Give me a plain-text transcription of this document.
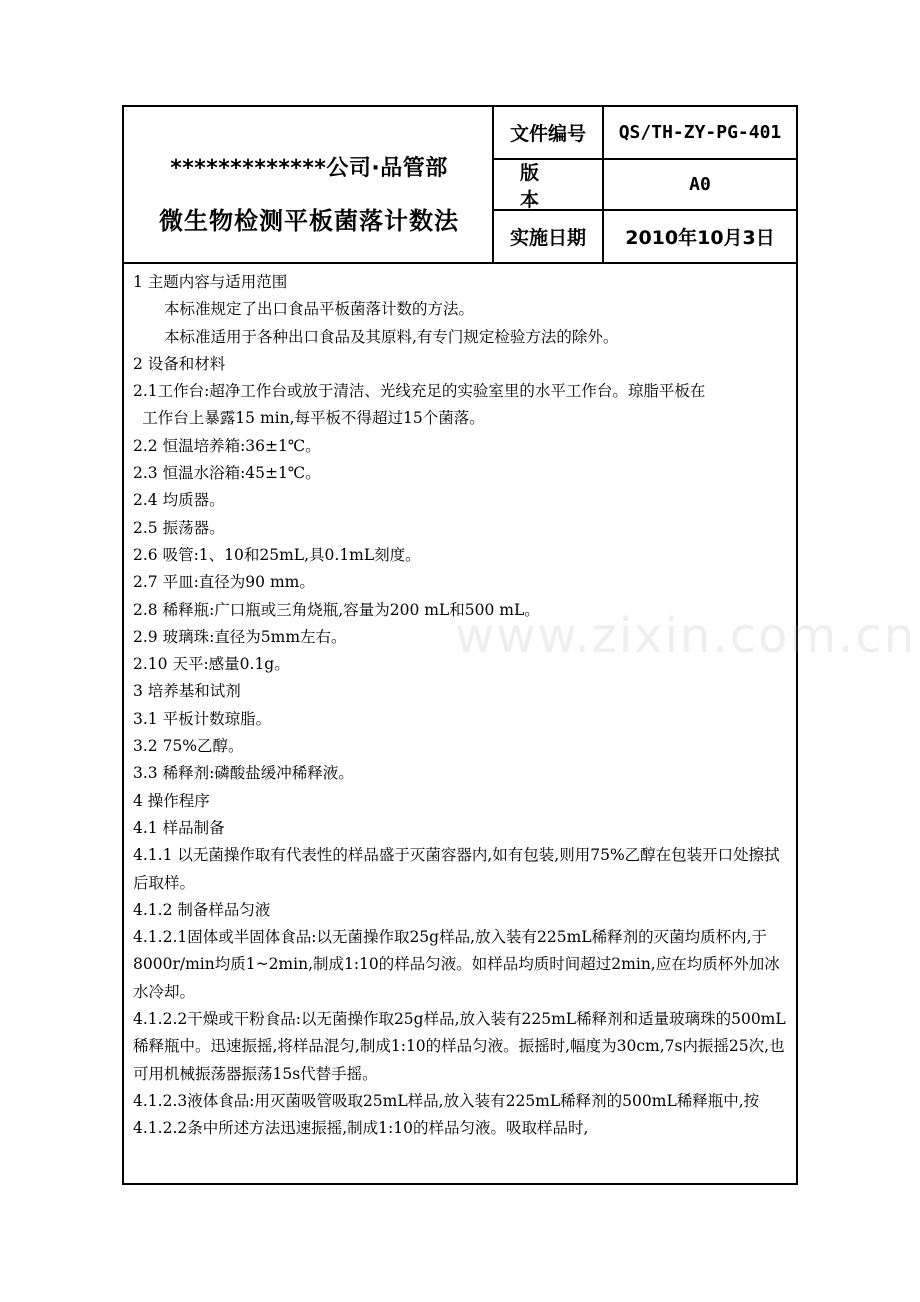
*************公司·品管部
微生物检测平板菌落计数法
文件编号	QS/TH-ZY-PG-401
版本
A0
实施日期	2010年10月3日

1 主题内容与适用范围

本标准规定了出口食品平板菌落计数的方法。

本标准适用于各种出口食品及其原料,有专门规定检验方法的除外。

2 设备和材料

2.1工作台:超净工作台或放于清洁、光线充足的实验室里的水平工作台。琼脂平板在

工作台上暴露15 min,每平板不得超过15个菌落。

2.2 恒温培养箱:36±1℃。

2.3 恒温水浴箱:45±1℃。

2.4 均质器。

2.5 振荡器。

2.6 吸管:1、10和25mL,具0.1mL刻度。

2.7 平皿:直径为90 mm。

2.8 稀释瓶:广口瓶或三角烧瓶,容量为200 mL和500 mL。

2.9 玻璃珠:直径为5mm左右。

2.10 天平:感量0.1g。

3 培养基和试剂

3.1 平板计数琼脂。

3.2 75%乙醇。

3.3 稀释剂:磷酸盐缓冲稀释液。

4 操作程序

4.1 样品制备

4.1.1 以无菌操作取有代表性的样品盛于灭菌容器内,如有包装,则用75%乙醇在包装开口处擦拭后取样。

4.1.2 制备样品匀液

4.1.2.1固体或半固体食品:以无菌操作取25g样品,放入装有225mL稀释剂的灭菌均质杯内,于8000r/min均质1~2min,制成1:10的样品匀液。如样品均质时间超过2min,应在均质杯外加冰水冷却。

4.1.2.2干燥或干粉食品:以无菌操作取25g样品,放入装有225mL稀释剂和适量玻璃珠的500mL稀释瓶中。迅速振摇,将样品混匀,制成1:10的样品匀液。振摇时,幅度为30cm,7s内振摇25次,也可用机械振荡器振荡15s代替手摇。

4.1.2.3液体食品:用灭菌吸管吸取25mL样品,放入装有225mL稀释剂的500mL稀释瓶中,按4.1.2.2条中所述方法迅速振摇,制成1:10的样品匀液。吸取样品时,

www.zixin.com.cn
